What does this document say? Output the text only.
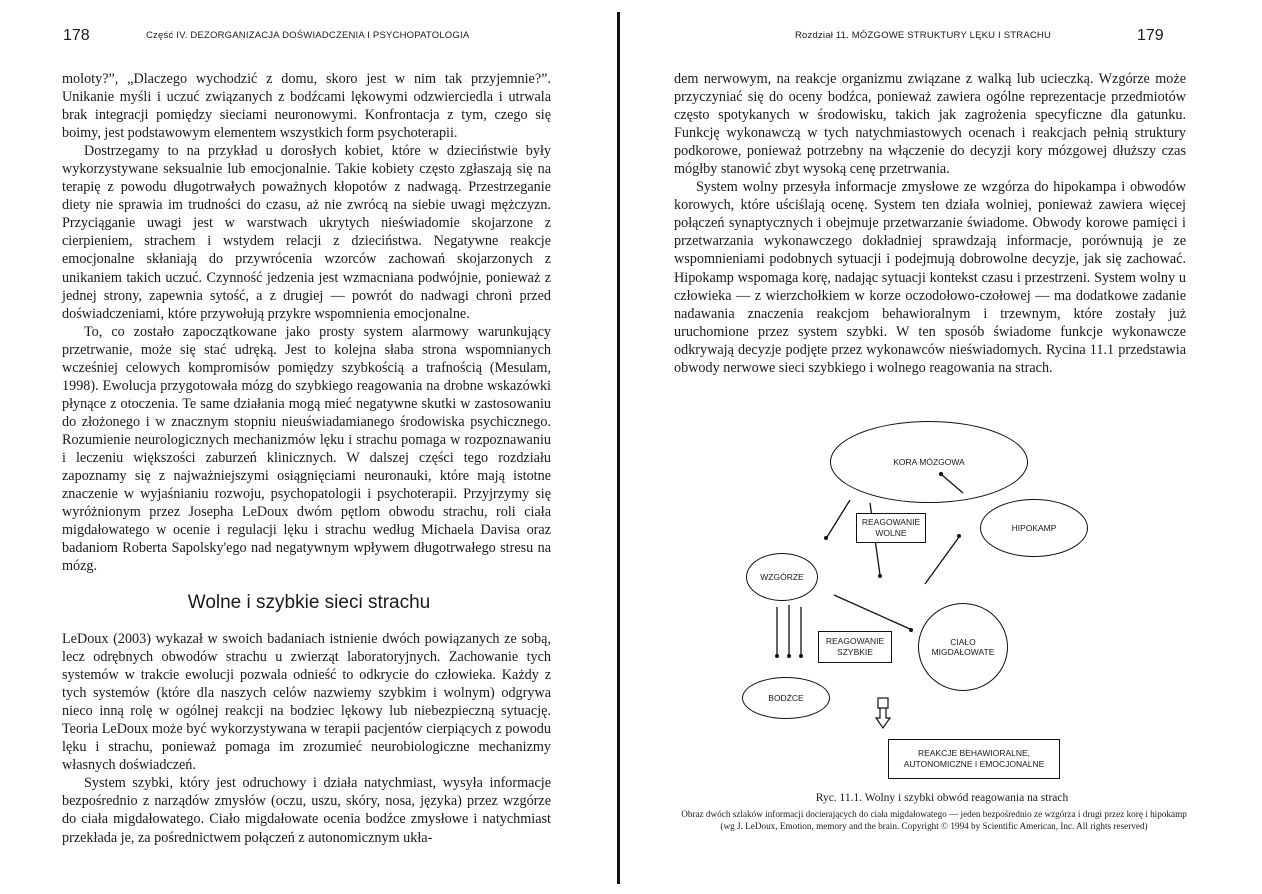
178	Część IV. DEZORGANIZACJA DOŚWIADCZENIA I PSYCHOPATOLOGIA

moloty?”, „Dlaczego wychodzić z domu, skoro jest w nim tak przyjemnie?”. Unikanie myśli i uczuć związanych z bodźcami lękowymi odzwierciedla i utrwala brak integracji pomiędzy sieciami neuronowymi. Konfrontacja z tym, czego się boimy, jest podstawowym elementem wszystkich form psychoterapii.

Dostrzegamy to na przykład u dorosłych kobiet, które w dzieciństwie były wykorzystywane seksualnie lub emocjonalnie. Takie kobiety często zgłaszają się na terapię z powodu długotrwałych poważnych kłopotów z nadwagą. Przestrzeganie diety nie sprawia im trudności do czasu, aż nie zwrócą na siebie uwagi mężczyzn. Przyciąganie uwagi jest w warstwach ukrytych nieświadomie skojarzone z cierpieniem, strachem i wstydem relacji z dzieciństwa. Negatywne reakcje emocjonalne skłaniają do przywrócenia wzorców zachowań skojarzonych z unikaniem takich uczuć. Czynność jedzenia jest wzmacniana podwójnie, ponieważ z jednej strony, zapewnia sytość, a z drugiej — powrót do nadwagi chroni przed doświadczeniami, które przywołują przykre wspomnienia emocjonalne.

To, co zostało zapoczątkowane jako prosty system alarmowy warunkujący przetrwanie, może się stać udręką. Jest to kolejna słaba strona wspomnianych wcześniej celowych kompromisów pomiędzy szybkością a trafnością (Mesulam, 1998). Ewolucja przygotowała mózg do szybkiego reagowania na drobne wskazówki płynące z otoczenia. Te same działania mogą mieć negatywne skutki w zastosowaniu do złożonego i w znacznym stopniu nieuświadamianego środowiska psychicznego. Rozumienie neurologicznych mechanizmów lęku i strachu pomaga w rozpoznawaniu i leczeniu większości zaburzeń klinicznych. W dalszej części tego rozdziału zapoznamy się z najważniejszymi osiągnięciami neuronauki, które mają istotne znaczenie w wyjaśnianiu rozwoju, psychopatologii i psychoterapii. Przyjrzymy się wyróżnionym przez Josepha LeDoux dwóm pętlom obwodu strachu, roli ciała migdałowatego w ocenie i regulacji lęku i strachu według Michaela Davisa oraz badaniom Roberta Sapolsky'ego nad negatywnym wpływem długotrwałego stresu na mózg.

Wolne i szybkie sieci strachu

LeDoux (2003) wykazał w swoich badaniach istnienie dwóch powiązanych ze sobą, lecz odrębnych obwodów strachu u zwierząt laboratoryjnych. Zachowanie tych systemów w trakcie ewolucji pozwala odnieść to odkrycie do człowieka. Każdy z tych systemów (które dla naszych celów nazwiemy szybkim i wolnym) odgrywa nieco inną rolę w ogólnej reakcji na bodziec lękowy lub niebezpieczną sytuację. Teoria LeDoux może być wykorzystywana w terapii pacjentów cierpiących z powodu lęku i strachu, ponieważ pomaga im zrozumieć neurobiologiczne mechanizmy własnych doświadczeń.

System szybki, który jest odruchowy i działa natychmiast, wysyła informacje bezpośrednio z narządów zmysłów (oczu, uszu, skóry, nosa, języka) przez wzgórze do ciała migdałowatego. Ciało migdałowate ocenia bodźce zmysłowe i natychmiast przekłada je, za pośrednictwem połączeń z autonomicznym ukła-

Rozdział 11. MÓZGOWE STRUKTURY LĘKU I STRACHU	179

dem nerwowym, na reakcje organizmu związane z walką lub ucieczką. Wzgórze może przyczyniać się do oceny bodźca, ponieważ zawiera ogólne reprezentacje przedmiotów często spotykanych w środowisku, takich jak zagrożenia specyficzne dla gatunku. Funkcję wykonawczą w tych natychmiastowych ocenach i reakcjach pełnią struktury podkorowe, ponieważ potrzebny na włączenie do decyzji kory mózgowej dłuższy czas mógłby stanowić zbyt wysoką cenę przetrwania.

System wolny przesyła informacje zmysłowe ze wzgórza do hipokampa i obwodów korowych, które uściślają ocenę. System ten działa wolniej, ponieważ zawiera więcej połączeń synaptycznych i obejmuje przetwarzanie świadome. Obwody korowe pamięci i przetwarzania wykonawczego dokładniej sprawdzają informacje, porównują je ze wspomnieniami podobnych sytuacji i podejmują dobrowolne decyzje, jak się zachować. Hipokamp wspomaga korę, nadając sytuacji kontekst czasu i przestrzeni. System wolny u człowieka — z wierzchołkiem w korze oczodołowo-czołowej — ma dodatkowe zadanie nadawania znaczenia reakcjom behawioralnym i trzewnym, które zostały już uruchomione przez system szybki. W ten sposób świadome funkcje wykonawcze odkrywają decyzje podjęte przez wykonawców nieświadomych. Rycina 11.1 przedstawia obwody nerwowe sieci szybkiego i wolnego reagowania na strach.

KORA MÓZGOWA
REAGOWANIE WOLNE	HIPOKAMP
WZGÓRZE
REAGOWANIE SZYBKIE
CIAŁO MIGDAŁOWATE
BODŹCE
REAKCJE BEHAWIORALNE, AUTONOMICZNE I EMOCJONALNE
Ryc. 11.1. Wolny i szybki obwód reagowania na strach
Obraz dwóch szlaków informacji docierających do ciała migdałowatego — jeden bezpośrednio ze wzgórza i drugi przez korę i hipokamp (wg J. LeDoux, Emotion, memory and the brain. Copyright © 1994 by Scientific American, Inc. All rights reserved)
